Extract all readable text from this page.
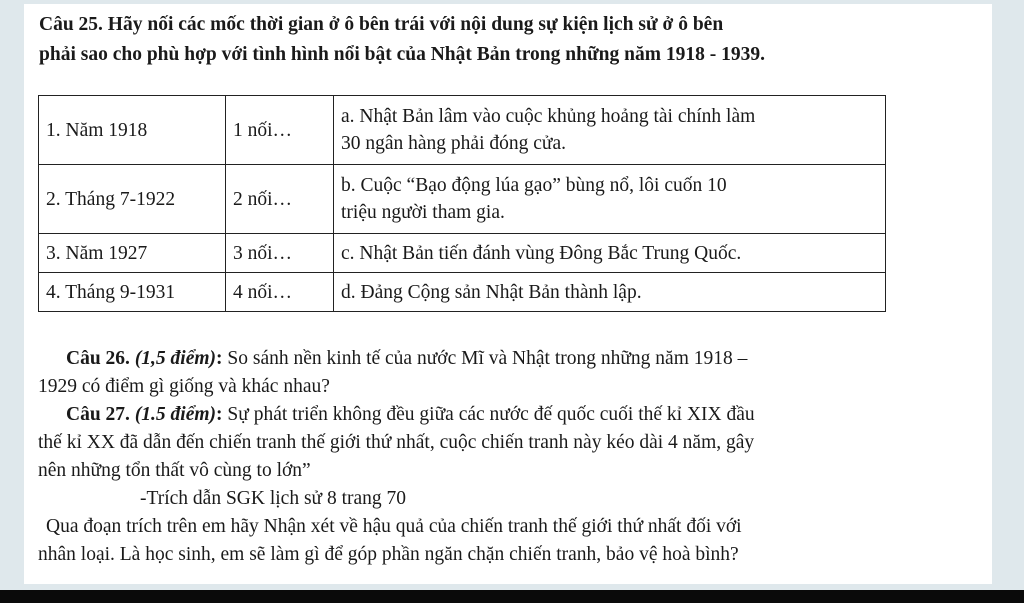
Câu 25. Hãy nối các mốc thời gian ở ô bên trái với nội dung sự kiện lịch sử ở ô bên
phải sao cho phù hợp với tình hình nổi bật của Nhật Bản trong những năm 1918 - 1939.
1. Năm 1918	1 nối…	a. Nhật Bản lâm vào cuộc khủng hoảng tài chính làm
30 ngân hàng phải đóng cửa.

2. Tháng 7-1922	2 nối…	b. Cuộc “Bạo động lúa gạo” bùng nổ, lôi cuốn 10
triệu người tham gia.

3. Năm 1927	3 nối…	c. Nhật Bản tiến đánh vùng Đông Bắc Trung Quốc.
4. Tháng 9-1931	4 nối…	d. Đảng Cộng sản Nhật Bản thành lập.

Câu 26. (1,5 điểm): So sánh nền kinh tế của nước Mĩ và Nhật trong những năm 1918 –

1929 có điểm gì giống và khác nhau?

Câu 27. (1.5 điểm): Sự phát triển không đều giữa các nước đế quốc cuối thế kỉ XIX đầu

thế kỉ XX đã dẫn đến chiến tranh thế giới thứ nhất, cuộc chiến tranh này kéo dài 4 năm, gây

nên những tổn thất vô cùng to lớn”

-Trích dẫn SGK lịch sử 8 trang 70

Qua đoạn trích trên em hãy Nhận xét về hậu quả của chiến tranh thế giới thứ nhất đối với

nhân loại. Là học sinh, em sẽ làm gì để góp phần ngăn chặn chiến tranh, bảo vệ hoà bình?
